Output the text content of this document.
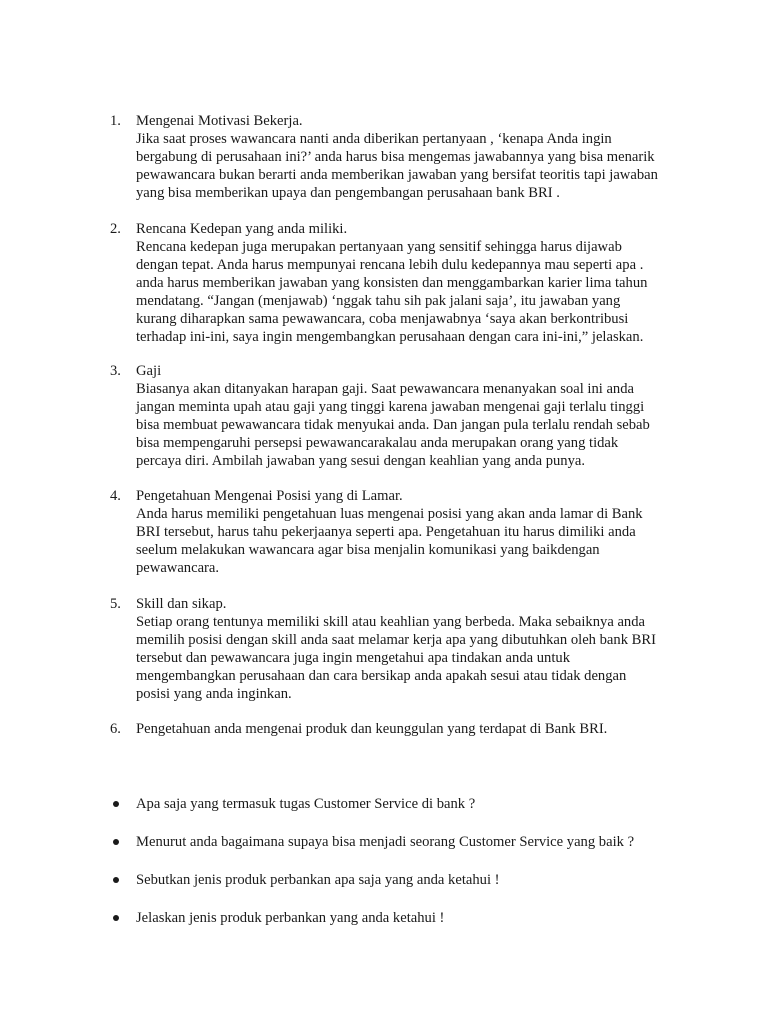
1.	Mengenai Motivasi Bekerja.
Jika saat proses wawancara nanti anda diberikan pertanyaan , ‘kenapa Anda ingin
bergabung di perusahaan ini?’ anda harus bisa mengemas jawabannya yang bisa menarik
pewawancara bukan berarti anda memberikan jawaban yang bersifat teoritis tapi jawaban
yang bisa memberikan upaya dan pengembangan perusahaan bank BRI .
2.	Rencana Kedepan yang anda miliki.
Rencana kedepan juga merupakan pertanyaan yang sensitif sehingga harus dijawab
dengan tepat. Anda harus mempunyai rencana lebih dulu kedepannya mau seperti apa .
anda harus memberikan jawaban yang konsisten dan menggambarkan karier lima tahun
mendatang. “Jangan (menjawab) ‘nggak tahu sih pak jalani saja’, itu jawaban yang
kurang diharapkan sama pewawancara, coba menjawabnya ‘saya akan berkontribusi
terhadap ini-ini, saya ingin mengembangkan perusahaan dengan cara ini-ini,” jelaskan.
3.	Gaji
Biasanya akan ditanyakan harapan gaji. Saat pewawancara menanyakan soal ini anda
jangan meminta upah atau gaji yang tinggi karena jawaban mengenai gaji terlalu tinggi
bisa membuat pewawancara tidak menyukai anda. Dan jangan pula terlalu rendah sebab
bisa mempengaruhi persepsi pewawancarakalau anda merupakan orang yang tidak
percaya diri. Ambilah jawaban yang sesui dengan keahlian yang anda punya.
4.	Pengetahuan Mengenai Posisi yang di Lamar.
Anda harus memiliki pengetahuan luas mengenai posisi yang akan anda lamar di Bank
BRI tersebut, harus tahu pekerjaanya seperti apa. Pengetahuan itu harus dimiliki anda
seelum melakukan wawancara agar bisa menjalin komunikasi yang baikdengan
pewawancara.
5.	Skill dan sikap.
Setiap orang tentunya memiliki skill atau keahlian yang berbeda. Maka sebaiknya anda
memilih posisi dengan skill anda saat melamar kerja apa yang dibutuhkan oleh bank BRI
tersebut dan pewawancara juga ingin mengetahui apa tindakan anda untuk
mengembangkan perusahaan dan cara bersikap anda apakah sesui atau tidak dengan
posisi yang anda inginkan.
6.	Pengetahuan anda mengenai produk dan keunggulan yang terdapat di Bank BRI.
Apa saja yang termasuk tugas Customer Service di bank ?
Menurut anda bagaimana supaya bisa menjadi seorang Customer Service yang baik ?
Sebutkan jenis produk perbankan apa saja yang anda ketahui !
Jelaskan jenis produk perbankan yang anda ketahui !
